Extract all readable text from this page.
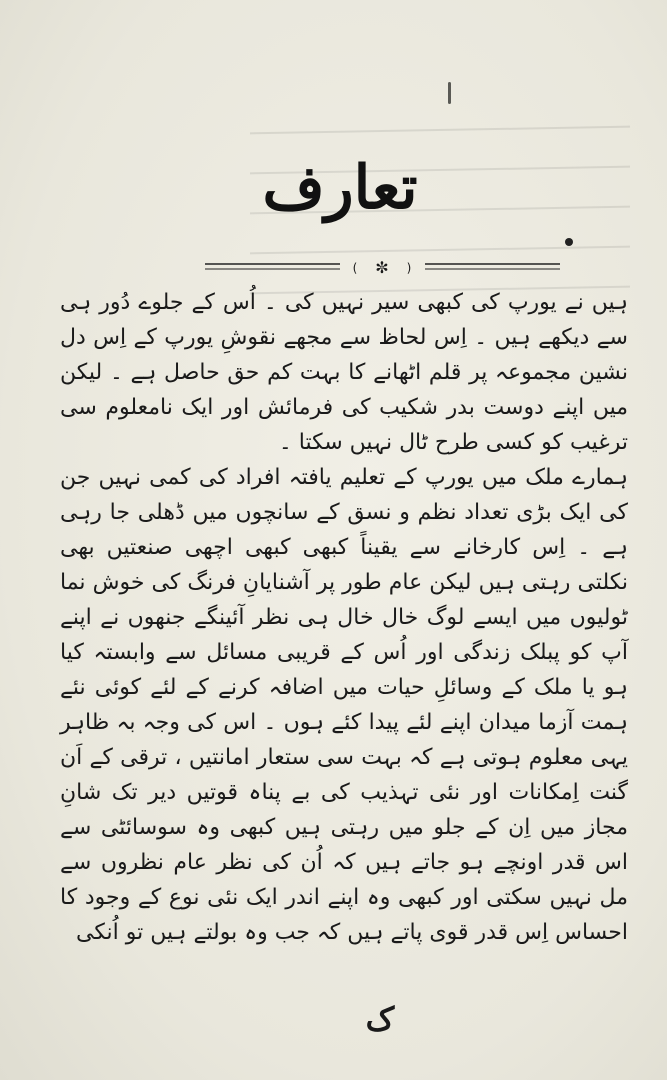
تعارف
✼
(	)

ہیں نے یورپ کی کبھی سیر نہیں کی ۔ اُس کے جلوے دُور ہی سے دیکھے ہیں ۔ اِس لحاظ سے مجھے نقوشِ یورپ کے اِس دل نشین مجموعہ پر قلم اٹھانے کا بہت کم حق حاصل ہے ۔ لیکن میں اپنے دوست بدر شکیب کی فرمائش اور ایک نامعلوم سی ترغیب کو کسی طرح ٹال نہیں سکتا ۔

ہمارے ملک میں یورپ کے تعلیم یافتہ افراد کی کمی نہیں جن کی ایک بڑی تعداد نظم و نسق کے سانچوں میں ڈھلی جا رہی ہے ۔ اِس کارخانے سے یقیناً کبھی کبھی اچھی صنعتیں بھی نکلتی رہتی ہیں لیکن عام طور پر آشنایانِ فرنگ کی خوش نما ٹولیوں میں ایسے لوگ خال خال ہی نظر آئینگے جنھوں نے اپنے آپ کو پبلک زندگی اور اُس کے قریبی مسائل سے وابستہ کیا ہو یا ملک کے وسائلِ حیات میں اضافہ کرنے کے لئے کوئی نئے ہمت آزما میدان اپنے لئے پیدا کئے ہوں ۔ اس کی وجہ بہ ظاہر یہی معلوم ہوتی ہے کہ بہت سی ستعار امانتیں ، ترقی کے اَن گنت اِمکانات اور نئی تہذیب کی بے پناہ قوتیں دیر تک شانِ مجاز میں اِن کے جلو میں رہتی ہیں کبھی وہ سوسائٹی سے اس قدر اونچے ہو جاتے ہیں کہ اُن کی نظر عام نظروں سے مل نہیں سکتی اور کبھی وہ اپنے اندر ایک نئی نوع کے وجود کا احساس اِس قدر قوی پاتے ہیں کہ جب وہ بولتے ہیں تو اُنکی

ک
